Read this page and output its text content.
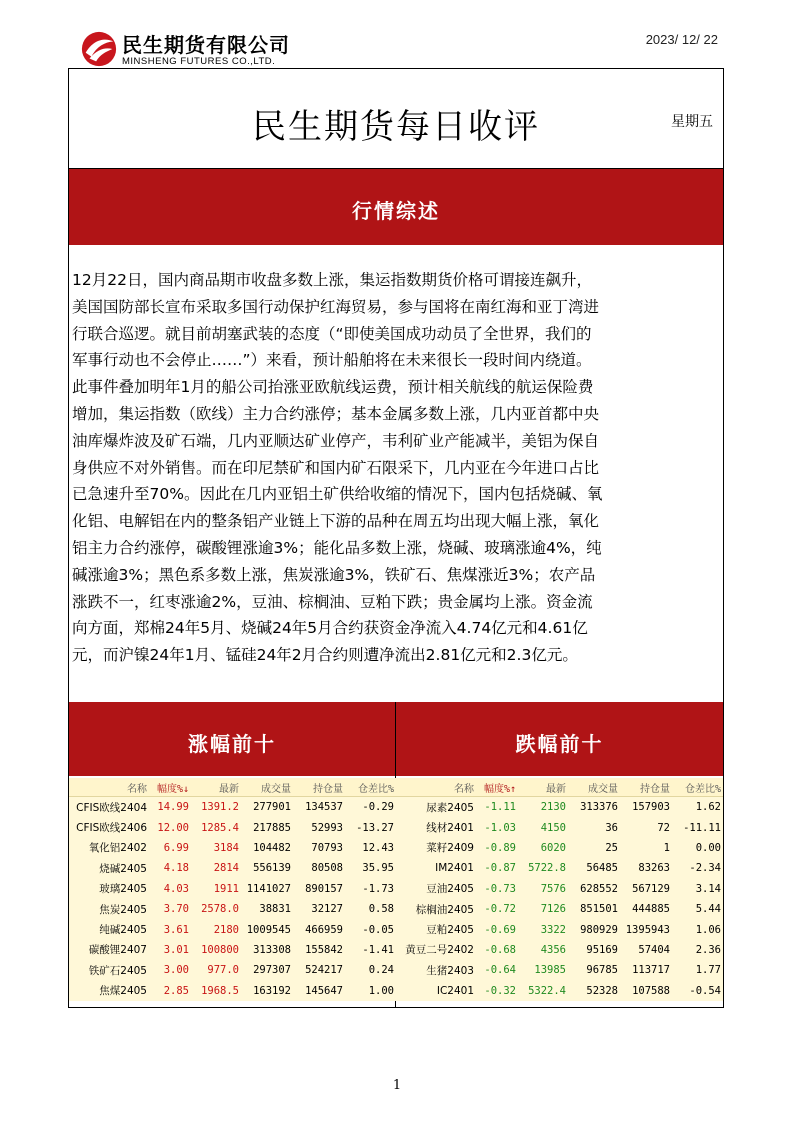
民生期货有限公司
MINSHENG FUTURES CO.,LTD.
2023/ 12/ 22
民生期货每日收评	星期五
行情综述
12月22日，国内商品期市收盘多数上涨，集运指数期货价格可谓接连飙升，
美国国防部长宣布采取多国行动保护红海贸易，参与国将在南红海和亚丁湾进
行联合巡逻。就目前胡塞武装的态度（“即使美国成功动员了全世界，我们的
军事行动也不会停止……”）来看，预计船舶将在未来很长一段时间内绕道。
此事件叠加明年1月的船公司抬涨亚欧航线运费，预计相关航线的航运保险费
增加，集运指数（欧线）主力合约涨停；基本金属多数上涨，几内亚首都中央
油库爆炸波及矿石端，几内亚顺达矿业停产，韦利矿业产能减半，美铝为保自
身供应不对外销售。而在印尼禁矿和国内矿石限采下，几内亚在今年进口占比
已急速升至70%。因此在几内亚铝土矿供给收缩的情况下，国内包括烧碱、氧
化铝、电解铝在内的整条铝产业链上下游的品种在周五均出现大幅上涨，氧化
铝主力合约涨停，碳酸锂涨逾3%；能化品多数上涨，烧碱、玻璃涨逾4%，纯
碱涨逾3%；黑色系多数上涨，焦炭涨逾3%，铁矿石、焦煤涨近3%；农产品
涨跌不一，红枣涨逾2%，豆油、棕榈油、豆粕下跌；贵金属均上涨。资金流
向方面，郑棉24年5月、烧碱24年5月合约获资金净流入4.74亿元和4.61亿
元，而沪镍24年1月、锰硅24年2月合约则遭净流出2.81亿元和2.3亿元。
涨幅前十
名称	幅度%↓	最新	成交量	持仓量	仓差比%
CFIS欧线2404	14.99	1391.2	277901	134537	-0.29
CFIS欧线2406	12.00	1285.4	217885	52993	-13.27
氧化铝2402	6.99	3184	104482	70793	12.43
烧碱2405	4.18	2814	556139	80508	35.95
玻璃2405	4.03	1911	1141027	890157	-1.73
焦炭2405	3.70	2578.0	38831	32127	0.58
纯碱2405	3.61	2180	1009545	466959	-0.05
碳酸锂2407	3.01	100800	313308	155842	-1.41
铁矿石2405	3.00	977.0	297307	524217	0.24
焦煤2405	2.85	1968.5	163192	145647	1.00
跌幅前十
名称	幅度%↑	最新	成交量	持仓量	仓差比%
尿素2405	-1.11	2130	313376	157903	1.62
线材2401	-1.03	4150	36	72	-11.11
菜籽2409	-0.89	6020	25	1	0.00
IM2401	-0.87	5722.8	56485	83263	-2.34
豆油2405	-0.73	7576	628552	567129	3.14
棕榈油2405	-0.72	7126	851501	444885	5.44
豆粕2405	-0.69	3322	980929	1395943	1.06
黄豆二号2402	-0.68	4356	95169	57404	2.36
生猪2403	-0.64	13985	96785	113717	1.77
IC2401	-0.32	5322.4	52328	107588	-0.54
1
